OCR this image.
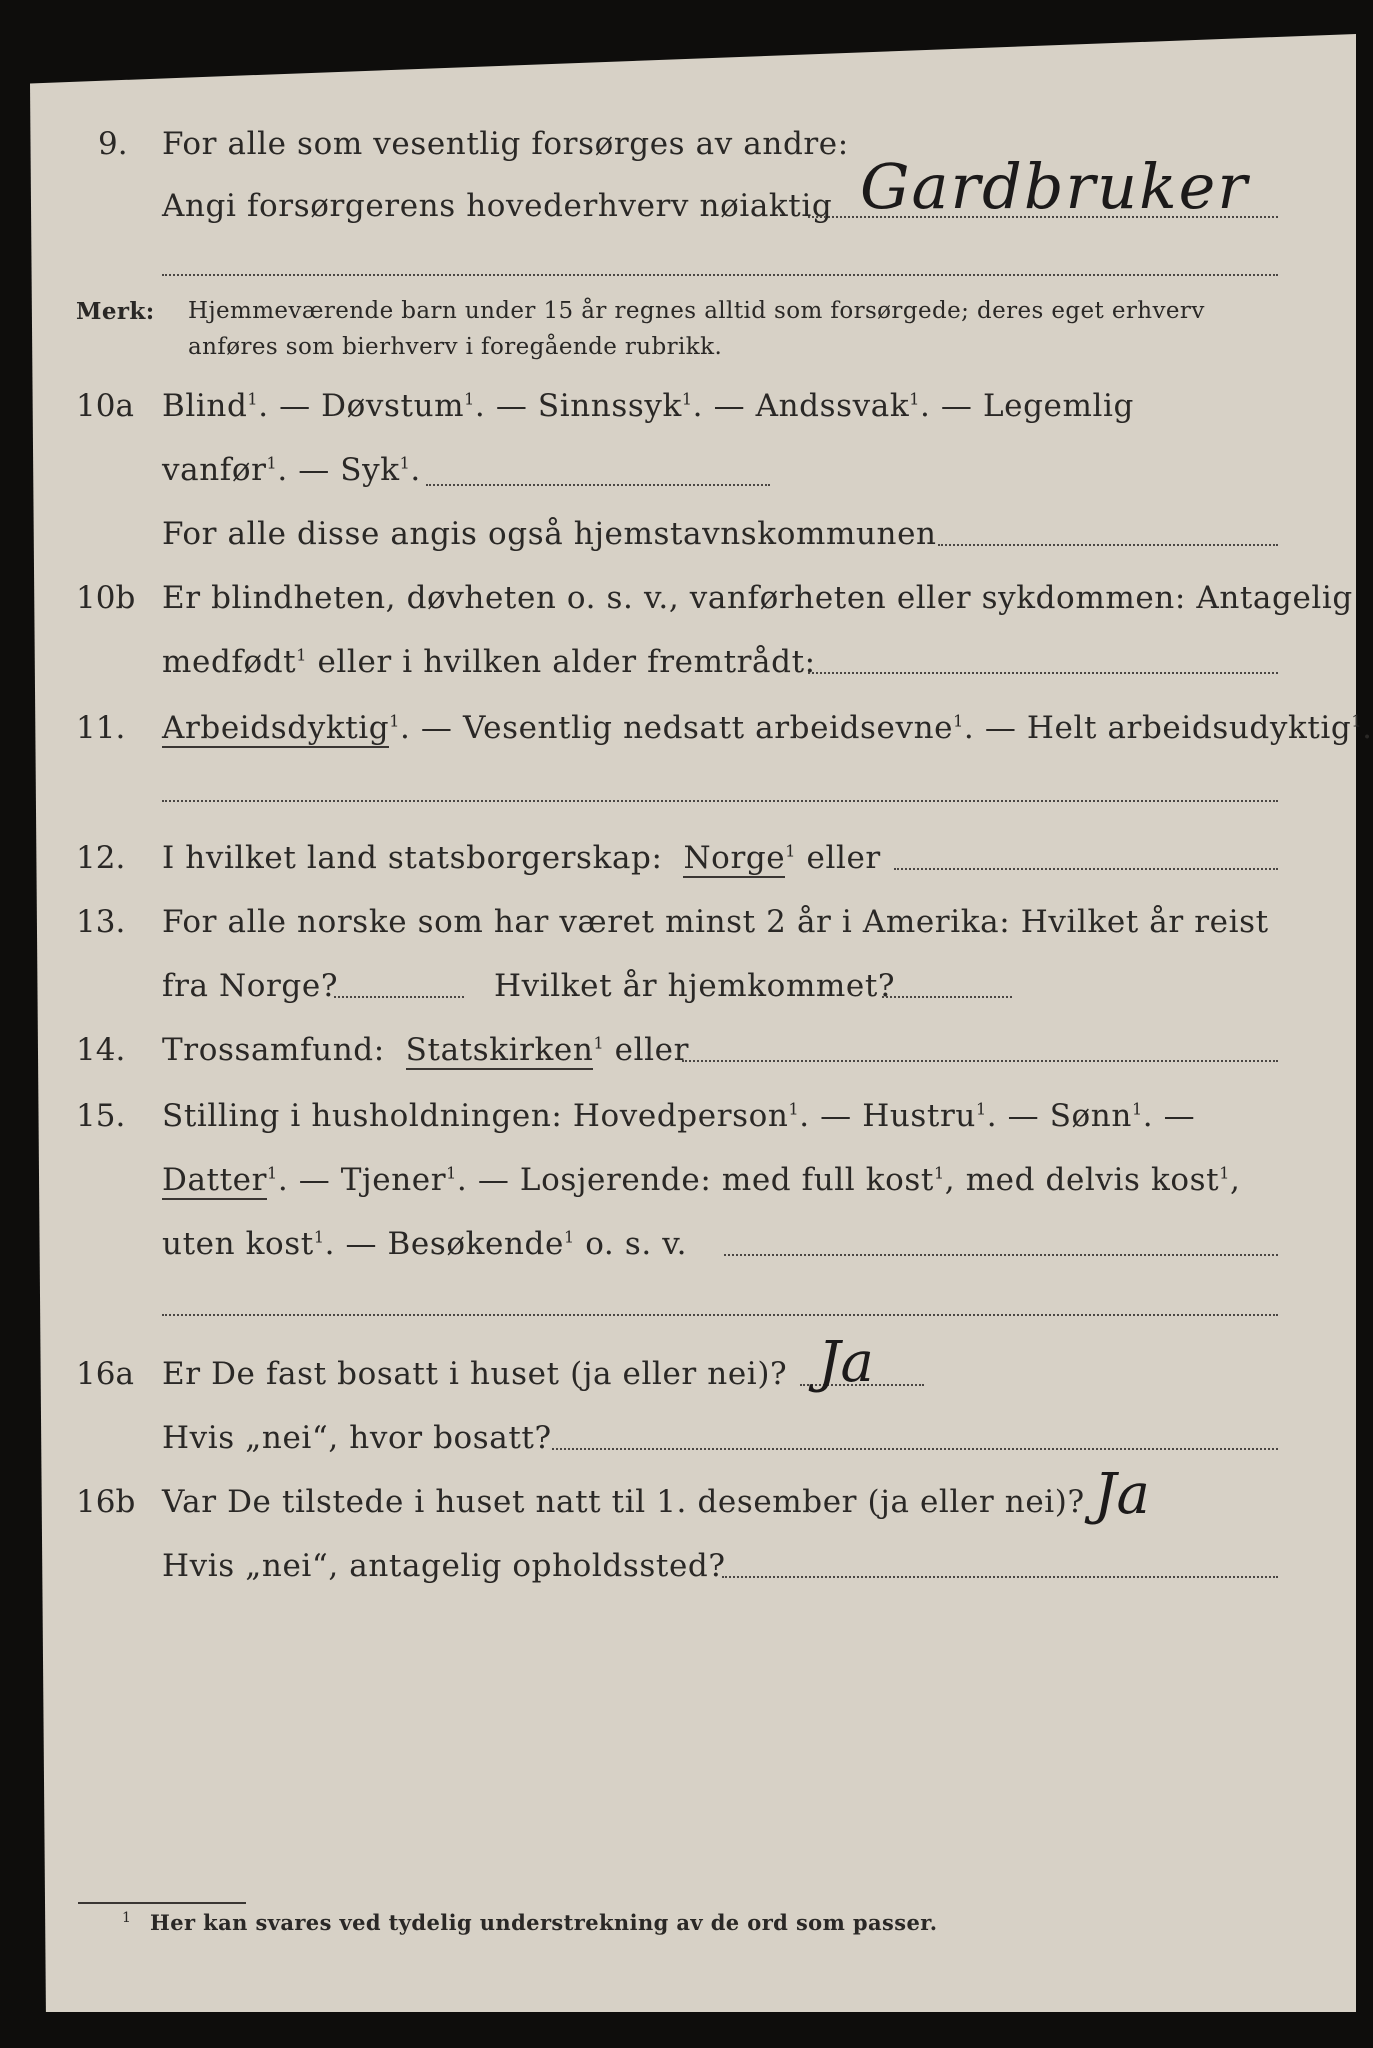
9. For alle som vesentlig forsørges av andre:
Angi forsørgerens hovederhverv nøiaktig Gardbruker
Merk: Hjemmeværende barn under 15 år regnes alltid som forsørgede; deres eget erhverv
anføres som bierhverv i foregående rubrikk.
10a Blind$^1$. — Døvstum$^1$. — Sinnssyk$^1$. — Andssvak$^1$. — Legemlig
vanfør$^1$. — Syk$^1$.
For alle disse angis også hjemstavnskommunen
10b Er blindheten, døvheten o. s. v., vanførheten eller sykdommen: Antagelig
medfødt$^1$ eller i hvilken alder fremtrådt:
11. Arbeidsdyktig$^1$. — Vesentlig nedsatt arbeidsevne$^1$. — Helt arbeidsudyktig$^1$.
12. I hvilket land statsborgerskap: Norge$^1$ eller
13. For alle norske som har været minst 2 år i Amerika: Hvilket år reist
fra Norge?	Hvilket år hjemkommet?
14. Trossamfund: Statskirken$^1$ eller
15. Stilling i husholdningen: Hovedperson$^1$. — Hustru$^1$. — Sønn$^1$. —
Datter$^1$. — Tjener$^1$. — Losjerende: med full kost$^1$, med delvis kost$^1$,
uten kost$^1$. — Besøkende$^1$ o. s. v.
16a Er De fast bosatt i huset (ja eller nei)? Ja
Hvis „nei“, hvor bosatt?
16b Var De tilstede i huset natt til 1. desember (ja eller nei)? Ja
Hvis „nei“, antagelig opholdssted?
1 Her kan svares ved tydelig understrekning av de ord som passer.
